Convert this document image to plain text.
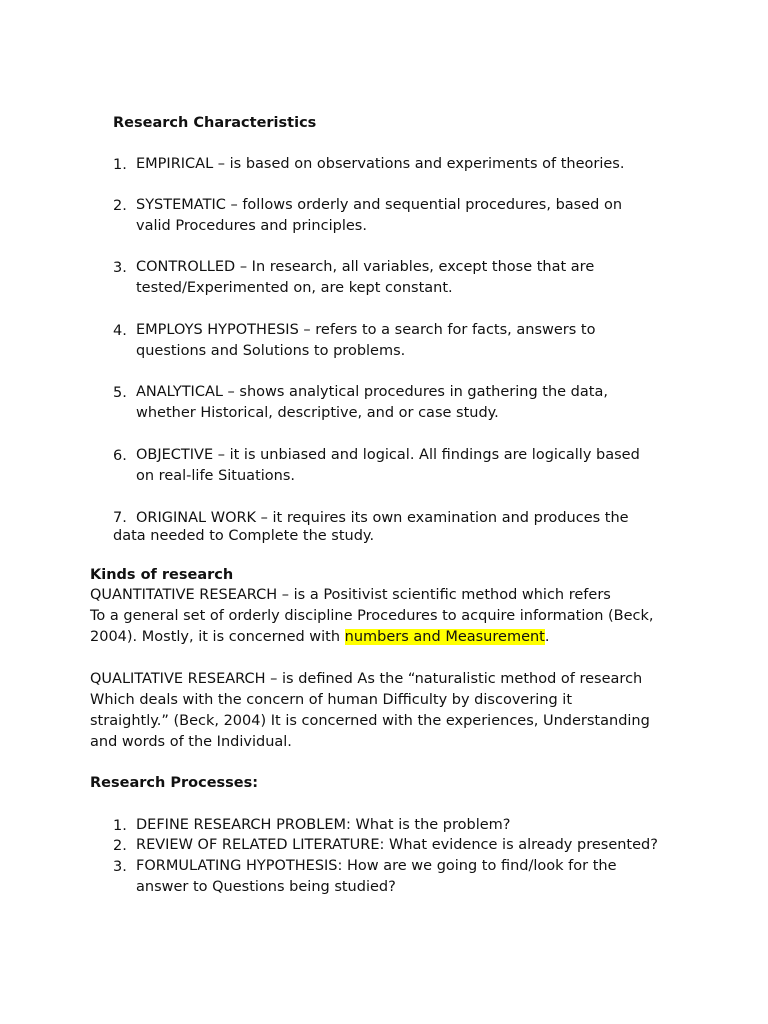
Research Characteristics
1. EMPIRICAL – is based on observations and experiments of theories.
2. SYSTEMATIC – follows orderly and sequential procedures, based on
valid Procedures and principles.
3. CONTROLLED – In research, all variables, except those that are
tested/Experimented on, are kept constant.
4. EMPLOYS HYPOTHESIS – refers to a search for facts, answers to
questions and Solutions to problems.
5. ANALYTICAL – shows analytical procedures in gathering the data,
whether Historical, descriptive, and or case study.
6. OBJECTIVE – it is unbiased and logical. All findings are logically based
on real-life Situations.
7. ORIGINAL WORK – it requires its own examination and produces the
data needed to Complete the study.
Kinds of research
QUANTITATIVE RESEARCH – is a Positivist scientific method which refers
To a general set of orderly discipline Procedures to acquire information (Beck,
2004). Mostly, it is concerned with numbers and Measurement.
QUALITATIVE RESEARCH – is defined As the “naturalistic method of research
Which deals with the concern of human Difficulty by discovering it
straightly.” (Beck, 2004) It is concerned with the experiences, Understanding
and words of the Individual.
Research Processes:
1. DEFINE RESEARCH PROBLEM: What is the problem?
2. REVIEW OF RELATED LITERATURE: What evidence is already presented?
3. FORMULATING HYPOTHESIS: How are we going to find/look for the
answer to Questions being studied?
